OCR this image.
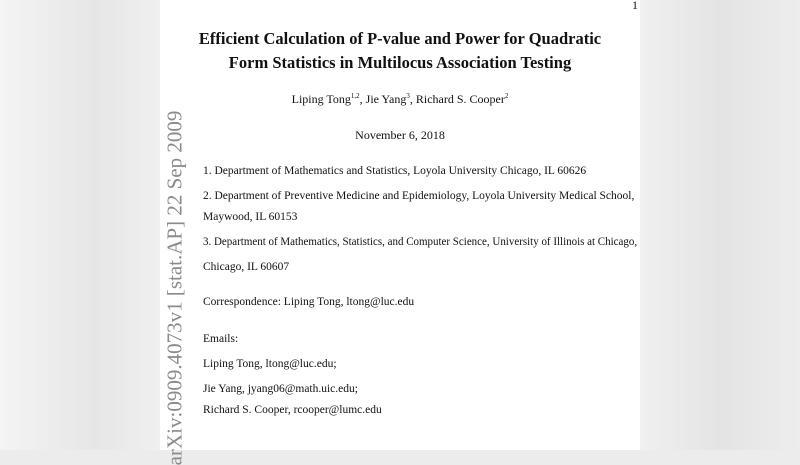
1
arXiv:0909.4073v1 [stat.AP] 22 Sep 2009
Efficient Calculation of P-value and Power for Quadratic
Form Statistics in Multilocus Association Testing
Liping Tong$^{1,2}$, Jie Yang$^3$, Richard S. Cooper$^2$
November 6, 2018
1. Department of Mathematics and Statistics, Loyola University Chicago, IL 60626
2. Department of Preventive Medicine and Epidemiology, Loyola University Medical School,
Maywood, IL 60153
3. Department of Mathematics, Statistics, and Computer Science, University of Illinois at Chicago,
Chicago, IL 60607
Correspondence: Liping Tong, ltong@luc.edu
Emails:
Liping Tong, ltong@luc.edu;
Jie Yang, jyang06@math.uic.edu;
Richard S. Cooper, rcooper@lumc.edu
